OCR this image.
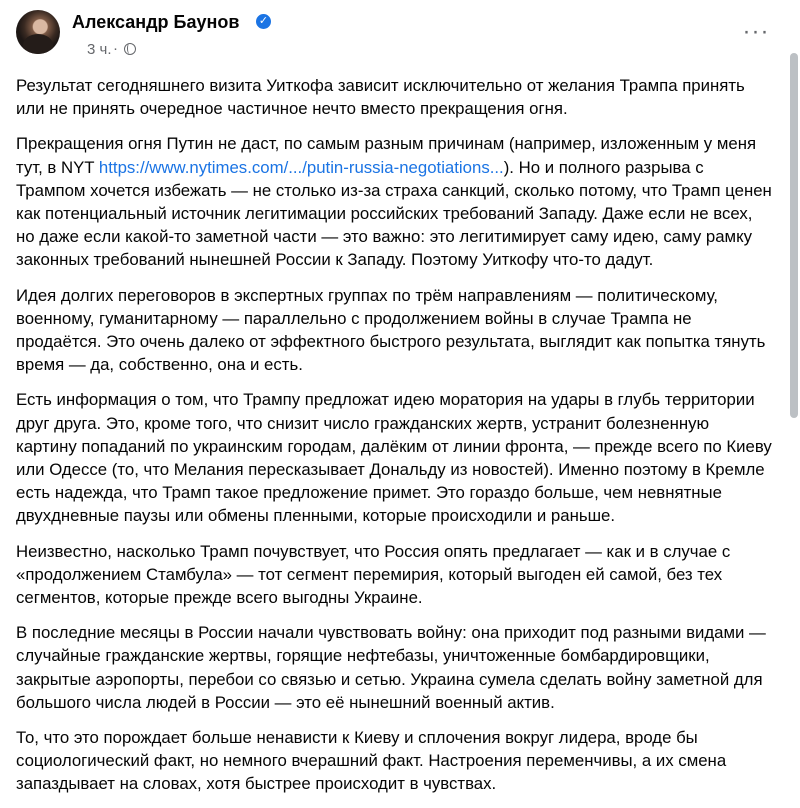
Александр Баунов ✓
3 ч. ·
···

Результат сегодняшнего визита Уиткофа зависит исключительно от желания Трампа принять или не принять очередное частичное нечто вместо прекращения огня.

Прекращения огня Путин не даст, по самым разным причинам (например, изложенным у меня тут, в NYT https://www.nytimes.com/.../putin-russia-negotiations...). Но и полного разрыва с Трампом хочется избежать — не столько из-за страха санкций, сколько потому, что Трамп ценен как потенциальный источник легитимации российских требований Западу. Даже если не всех, но даже если какой-то заметной части — это важно: это легитимирует саму идею, саму рамку законных требований нынешней России к Западу. Поэтому Уиткофу что-то дадут.

Идея долгих переговоров в экспертных группах по трём направлениям — политическому, военному, гуманитарному — параллельно с продолжением войны в случае Трампа не продаётся. Это очень далеко от эффектного быстрого результата, выглядит как попытка тянуть время — да, собственно, она и есть.

Есть информация о том, что Трампу предложат идею моратория на удары в глубь территории друг друга. Это, кроме того, что снизит число гражданских жертв, устранит болезненную картину попаданий по украинским городам, далёким от линии фронта, — прежде всего по Киеву или Одессе (то, что Мелания пересказывает Дональду из новостей). Именно поэтому в Кремле есть надежда, что Трамп такое предложение примет. Это гораздо больше, чем невнятные двухдневные паузы или обмены пленными, которые происходили и раньше.

Неизвестно, насколько Трамп почувствует, что Россия опять предлагает — как и в случае с «продолжением Стамбула» — тот сегмент перемирия, который выгоден ей самой, без тех сегментов, которые прежде всего выгодны Украине.

В последние месяцы в России начали чувствовать войну: она приходит под разными видами — случайные гражданские жертвы, горящие нефтебазы, уничтоженные бомбардировщики, закрытые аэропорты, перебои со связью и сетью. Украина сумела сделать войну заметной для большого числа людей в России — это её нынешний военный актив.

То, что это порождает больше ненависти к Киеву и сплочения вокруг лидера, вроде бы социологический факт, но немного вчерашний факт. Настроения переменчивы, а их смена запаздывает на словах, хотя быстрее происходит в чувствах.
